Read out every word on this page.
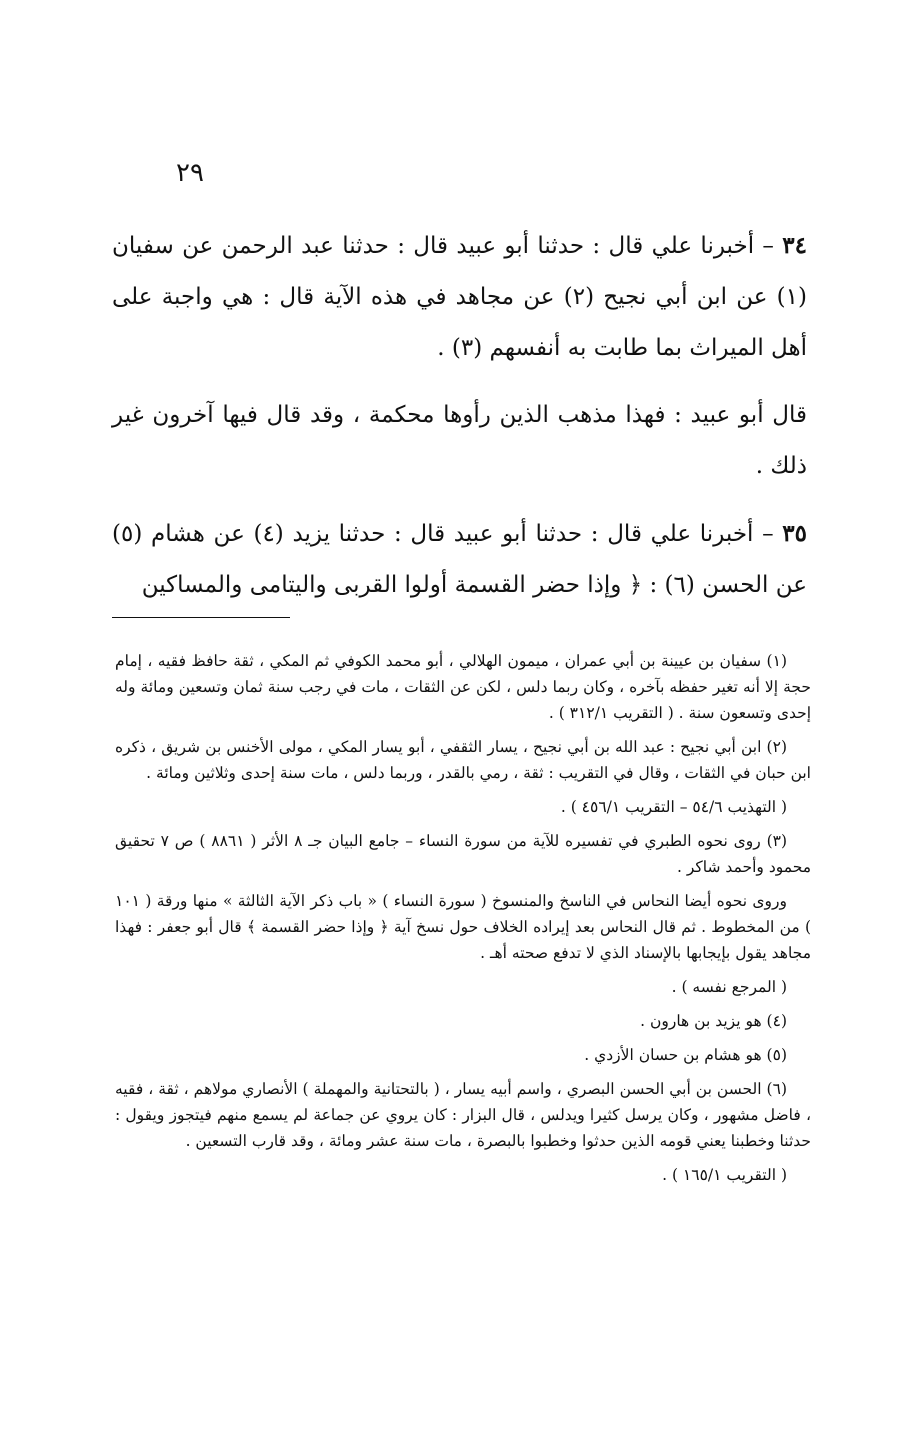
٢٩

٣٤ – أخبرنا علي قال : حدثنا أبو عبيد قال : حدثنا عبد الرحمن عن سفيان (١) عن ابن أبي نجيح (٢) عن مجاهد في هذه الآية قال : هي واجبة على أهل الميراث بما طابت به أنفسهم (٣) .

قال أبو عبيد : فهذا مذهب الذين رأوها محكمة ، وقد قال فيها آخرون غير ذلك .

٣٥ – أخبرنا علي قال : حدثنا أبو عبيد قال : حدثنا يزيد (٤) عن هشام (٥) عن الحسن (٦) : ﴿ وإذا حضر القسمة أولوا القربى واليتامى والمساكين

(١) سفيان بن عيينة بن أبي عمران ، ميمون الهلالي ، أبو محمد الكوفي ثم المكي ، ثقة حافظ فقيه ، إمام حجة إلا أنه تغير حفظه بآخره ، وكان ربما دلس ، لكن عن الثقات ، مات في رجب سنة ثمان وتسعين ومائة وله إحدى وتسعون سنة . ( التقريب ٣١٢/١ ) .

(٢) ابن أبي نجيح : عبد الله بن أبي نجيح ، يسار الثقفي ، أبو يسار المكي ، مولى الأخنس بن شريق ، ذكره ابن حبان في الثقات ، وقال في التقريب : ثقة ، رمي بالقدر ، وربما دلس ، مات سنة إحدى وثلاثين ومائة .

( التهذيب ٥٤/٦ – التقريب ٤٥٦/١ ) .

(٣) روى نحوه الطبري في تفسيره للآية من سورة النساء – جامع البيان جـ ٨ الأثر ( ٨٨٦١ ) ص ٧ تحقيق محمود وأحمد شاكر .

وروى نحوه أيضا النحاس في الناسخ والمنسوخ ( سورة النساء ) « باب ذكر الآية الثالثة » منها ورقة ( ١٠١ ) من المخطوط . ثم قال النحاس بعد إيراده الخلاف حول نسخ آية ﴿ وإذا حضر القسمة ﴾ قال أبو جعفر : فهذا مجاهد يقول بإيجابها بالإسناد الذي لا تدفع صحته أهـ .

( المرجع نفسه ) .

(٤) هو يزيد بن هارون .

(٥) هو هشام بن حسان الأزدي .

(٦) الحسن بن أبي الحسن البصري ، واسم أبيه يسار ، ( بالتحتانية والمهملة ) الأنصاري مولاهم ، ثقة ، فقيه ، فاضل مشهور ، وكان يرسل كثيرا ويدلس ، قال البزار : كان يروي عن جماعة لم يسمع منهم فيتجوز ويقول : حدثنا وخطبنا يعني قومه الذين حدثوا وخطبوا بالبصرة ، مات سنة عشر ومائة ، وقد قارب التسعين .

( التقريب ١٦٥/١ ) .
